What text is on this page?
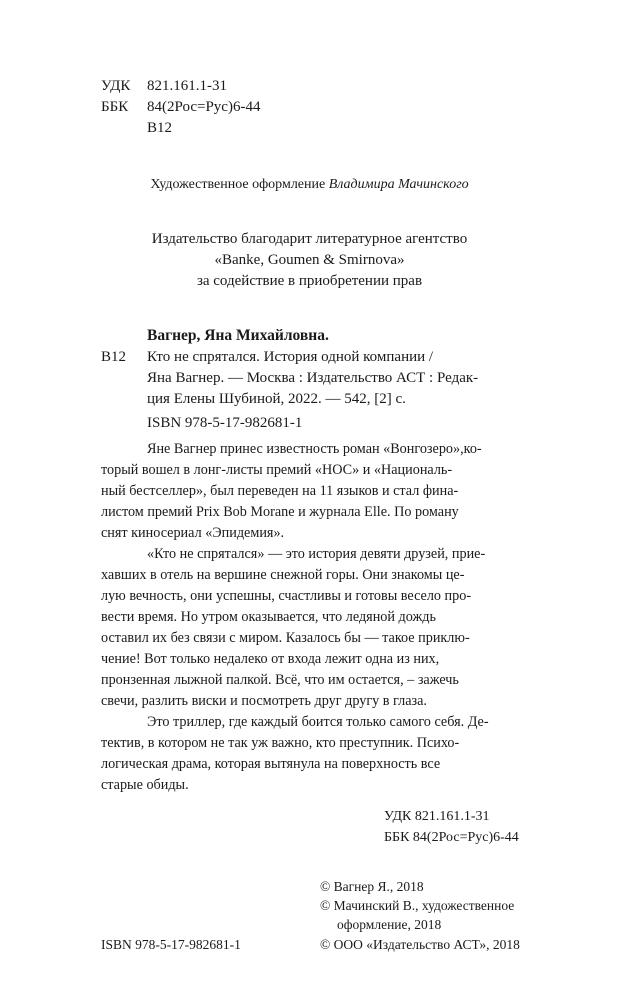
УДК 821.161.1-31
ББК 84(2Рос=Рус)6-44
В12
Художественное оформление Владимира Мачинского
Издательство благодарит литературное агентство
«Banke, Goumen & Smirnova»
за содействие в приобретении прав
Вагнер, Яна Михайловна.
В12 Кто не спрятался. История одной компании /
Яна Вагнер. — Москва : Издательство АСТ : Редак-
ция Елены Шубиной, 2022. — 542, [2] с.
ISBN 978-5-17-982681-1
Яне Вагнер принес известность роман «Вонгозеро»,ко-
торый вошел в лонг-листы премий «НОС» и «Националь-
ный бестселлер», был переведен на 11 языков и стал фина-
листом премий Prix Bob Morane и журнала Elle. По роману
снят киносериал «Эпидемия».
«Кто не спрятался» — это история девяти друзей, прие-
хавших в отель на вершине снежной горы. Они знакомы це-
лую вечность, они успешны, счастливы и готовы весело про-
вести время. Но утром оказывается, что ледяной дождь
оставил их без связи с миром. Казалось бы — такое приклю-
чение! Вот только недалеко от входа лежит одна из них,
пронзенная лыжной палкой. Всё, что им остается, – зажечь
свечи, разлить виски и посмотреть друг другу в глаза.
Это триллер, где каждый боится только самого себя. Де-
тектив, в котором не так уж важно, кто преступник. Психо-
логическая драма, которая вытянула на поверхность все
старые обиды.
УДК 821.161.1-31
ББК 84(2Рос=Рус)6-44
© Вагнер Я., 2018
© Мачинский В., художественное
оформление, 2018
ISBN 978-5-17-982681-1	© ООО «Издательство АСТ», 2018
